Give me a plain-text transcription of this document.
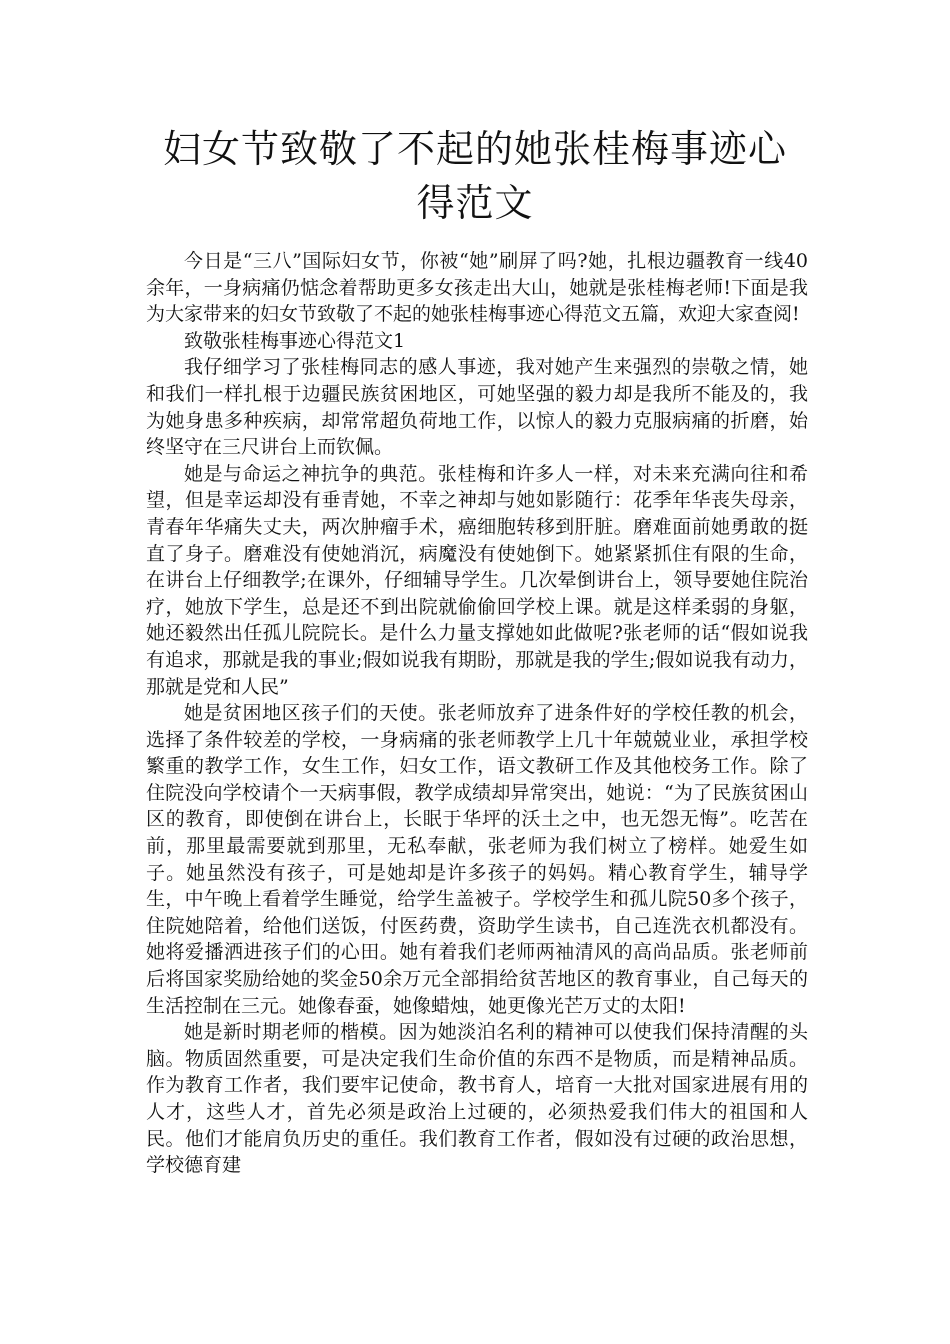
妇女节致敬了不起的她张桂梅事迹心得范文

今日是“三八”国际妇女节，你被“她”刷屏了吗?她，扎根边疆教育一线40余年，一身病痛仍惦念着帮助更多女孩走出大山，她就是张桂梅老师!下面是我为大家带来的妇女节致敬了不起的她张桂梅事迹心得范文五篇，欢迎大家查阅!

致敬张桂梅事迹心得范文1

我仔细学习了张桂梅同志的感人事迹，我对她产生来强烈的崇敬之情，她和我们一样扎根于边疆民族贫困地区，可她坚强的毅力却是我所不能及的，我为她身患多种疾病，却常常超负荷地工作，以惊人的毅力克服病痛的折磨，始终坚守在三尺讲台上而钦佩。

她是与命运之神抗争的典范。张桂梅和许多人一样，对未来充满向往和希望，但是幸运却没有垂青她，不幸之神却与她如影随行：花季年华丧失母亲，青春年华痛失丈夫，两次肿瘤手术，癌细胞转移到肝脏。磨难面前她勇敢的挺直了身子。磨难没有使她消沉，病魔没有使她倒下。她紧紧抓住有限的生命，在讲台上仔细教学;在课外，仔细辅导学生。几次晕倒讲台上，领导要她住院治疗，她放下学生，总是还不到出院就偷偷回学校上课。就是这样柔弱的身躯，她还毅然出任孤儿院院长。是什么力量支撑她如此做呢?张老师的话“假如说我有追求，那就是我的事业;假如说我有期盼，那就是我的学生;假如说我有动力，那就是党和人民”

她是贫困地区孩子们的天使。张老师放弃了进条件好的学校任教的机会，选择了条件较差的学校，一身病痛的张老师教学上几十年兢兢业业，承担学校繁重的教学工作，女生工作，妇女工作，语文教研工作及其他校务工作。除了住院没向学校请个一天病事假，教学成绩却异常突出，她说：“为了民族贫困山区的教育，即使倒在讲台上，长眠于华坪的沃土之中，也无怨无悔”。吃苦在前，那里最需要就到那里，无私奉献，张老师为我们树立了榜样。她爱生如子。她虽然没有孩子，可是她却是许多孩子的妈妈。精心教育学生，辅导学生，中午晚上看着学生睡觉，给学生盖被子。学校学生和孤儿院50多个孩子，住院她陪着，给他们送饭，付医药费，资助学生读书，自己连洗衣机都没有。她将爱播洒进孩子们的心田。她有着我们老师两袖清风的高尚品质。张老师前后将国家奖励给她的奖金50余万元全部捐给贫苦地区的教育事业，自己每天的生活控制在三元。她像春蚕，她像蜡烛，她更像光芒万丈的太阳!

她是新时期老师的楷模。因为她淡泊名利的精神可以使我们保持清醒的头脑。物质固然重要，可是决定我们生命价值的东西不是物质，而是精神品质。作为教育工作者，我们要牢记使命，教书育人，培育一大批对国家进展有用的人才，这些人才，首先必须是政治上过硬的，必须热爱我们伟大的祖国和人民。他们才能肩负历史的重任。我们教育工作者，假如没有过硬的政治思想，学校德育建
